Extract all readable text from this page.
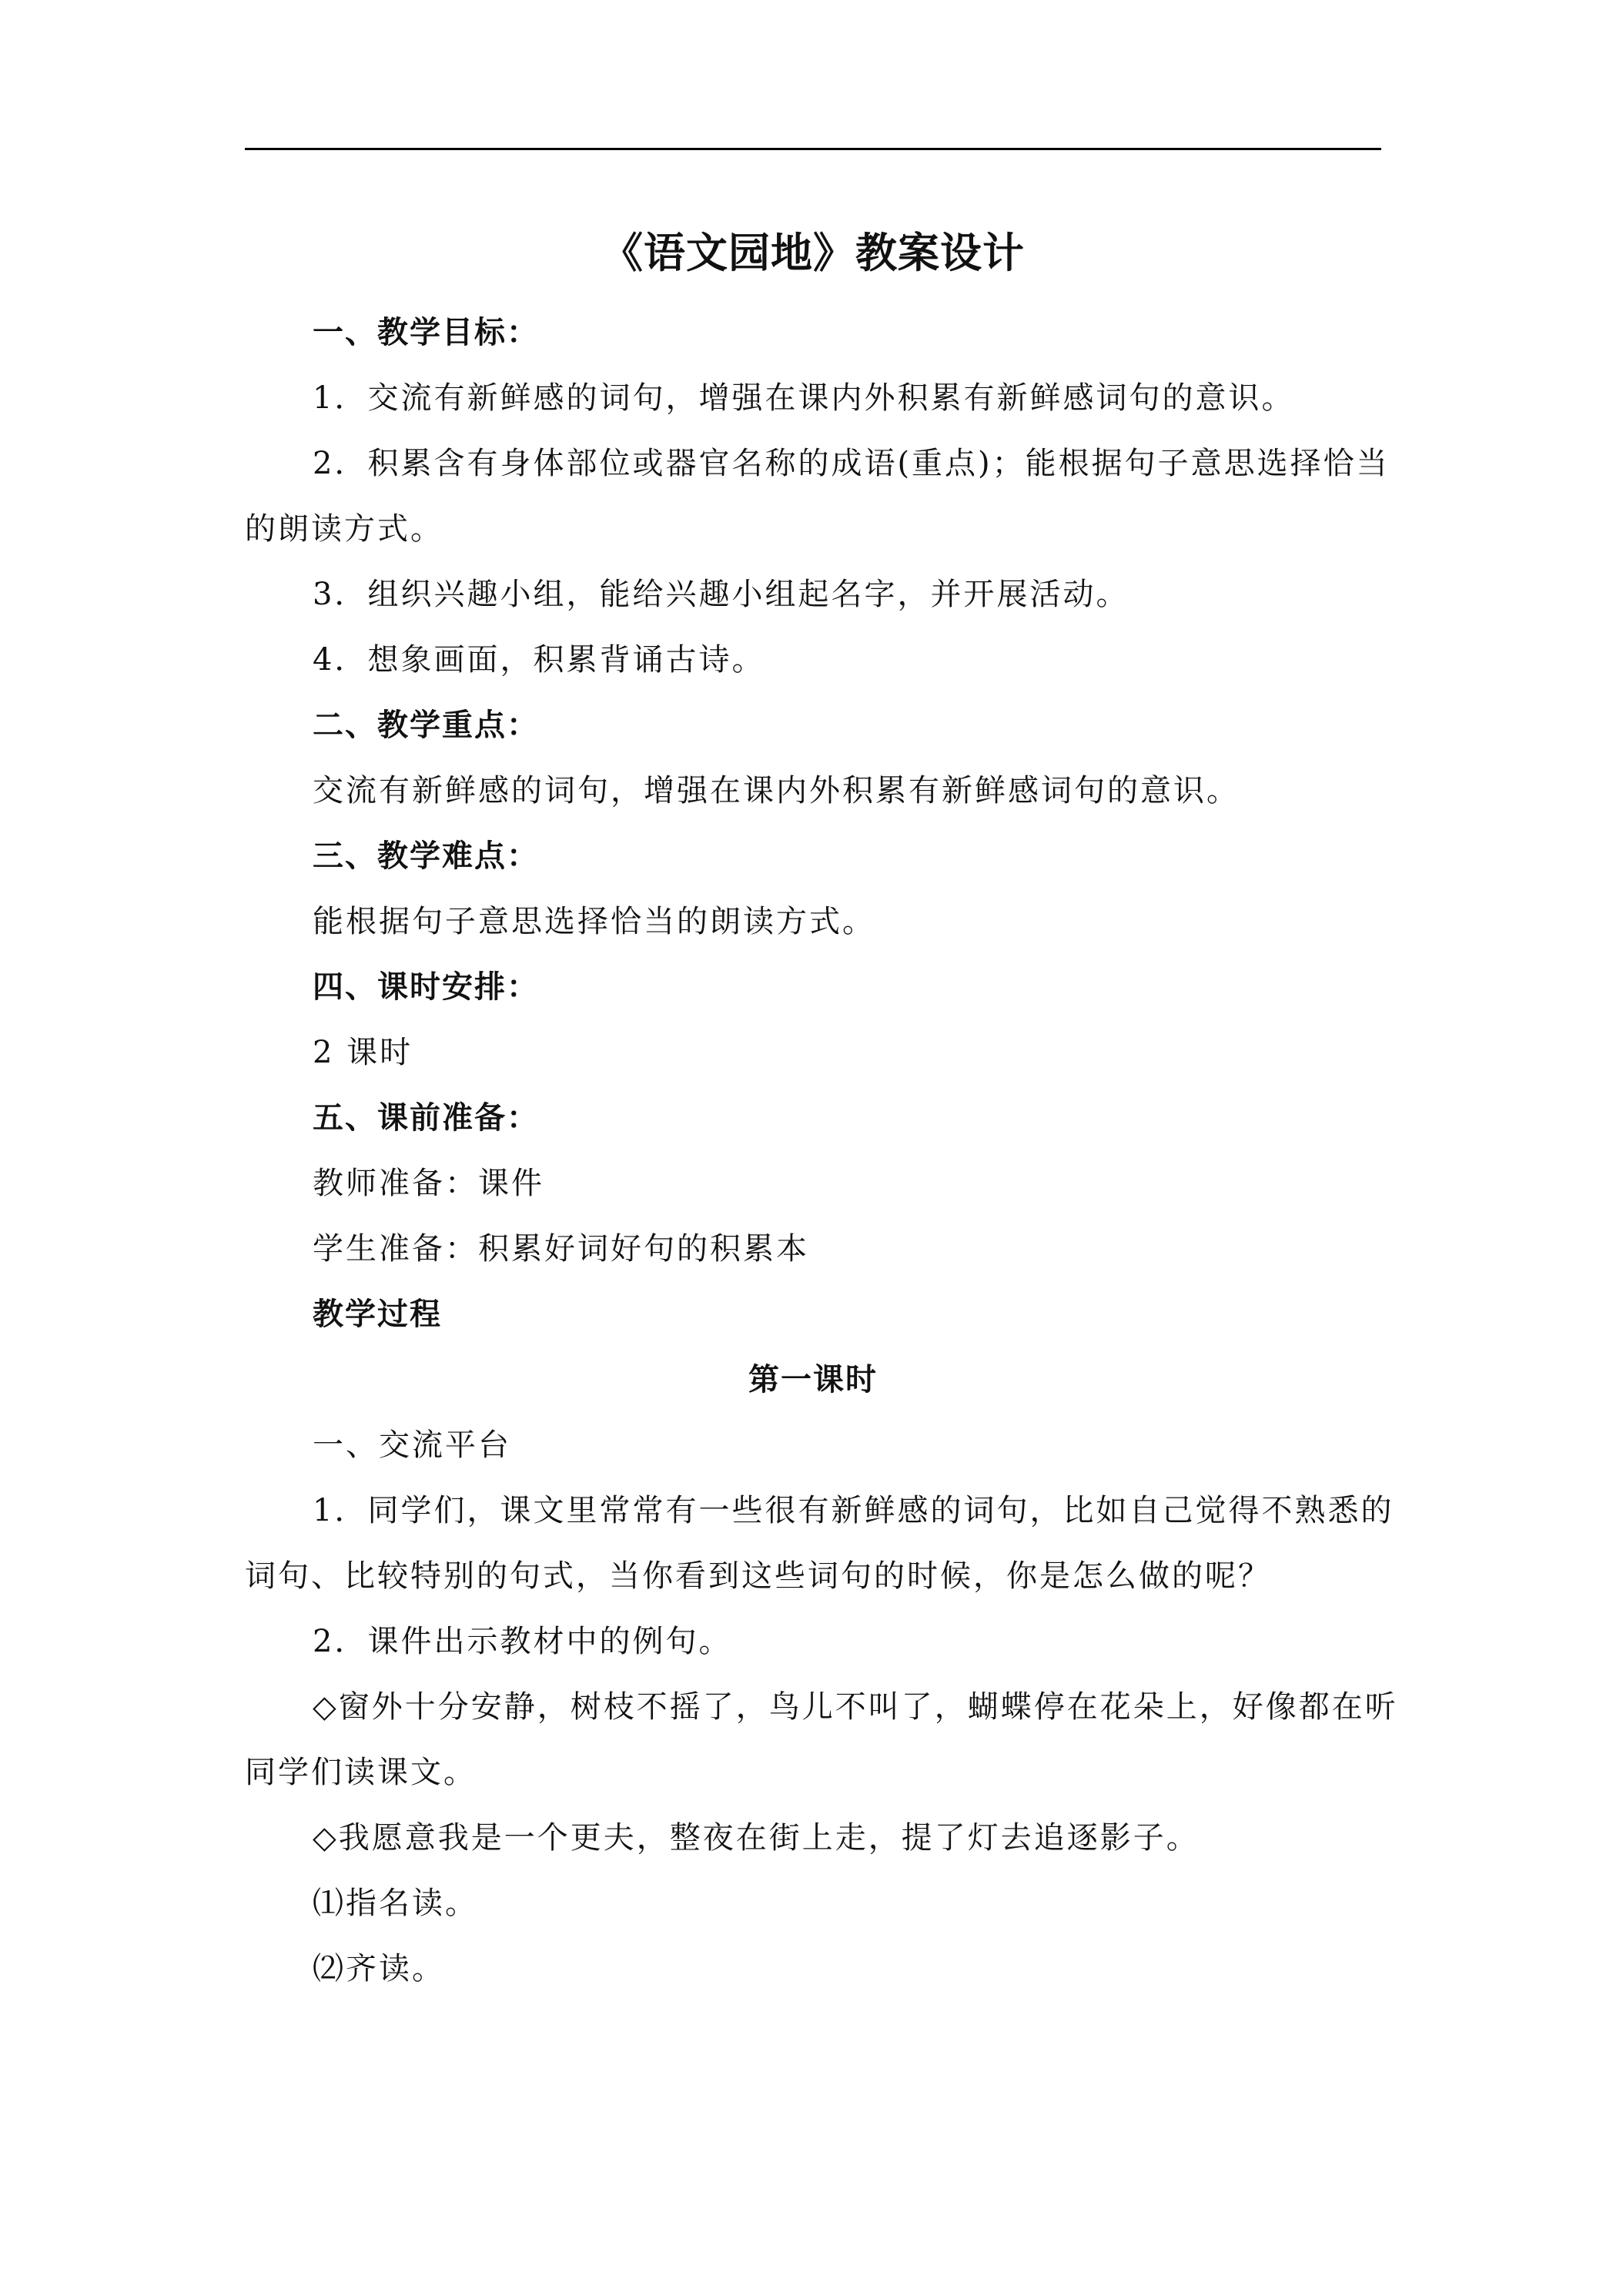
《语文园地》教案设计
一、教学目标：
1．交流有新鲜感的词句，增强在课内外积累有新鲜感词句的意识。
2．积累含有身体部位或器官名称的成语(重点)；能根据句子意思选择恰当
的朗读方式。
3．组织兴趣小组，能给兴趣小组起名字，并开展活动。
4．想象画面，积累背诵古诗。
二、教学重点：
交流有新鲜感的词句，增强在课内外积累有新鲜感词句的意识。
三、教学难点：
能根据句子意思选择恰当的朗读方式。
四、课时安排：
2 课时
五、课前准备：
教师准备：课件
学生准备：积累好词好句的积累本
教学过程
第一课时
一、交流平台
1．同学们，课文里常常有一些很有新鲜感的词句，比如自己觉得不熟悉的
词句、比较特别的句式，当你看到这些词句的时候，你是怎么做的呢？
2．课件出示教材中的例句。
◇窗外十分安静，树枝不摇了，鸟儿不叫了，蝴蝶停在花朵上，好像都在听
同学们读课文。
◇我愿意我是一个更夫，整夜在街上走，提了灯去追逐影子。
⑴指名读。
⑵齐读。
